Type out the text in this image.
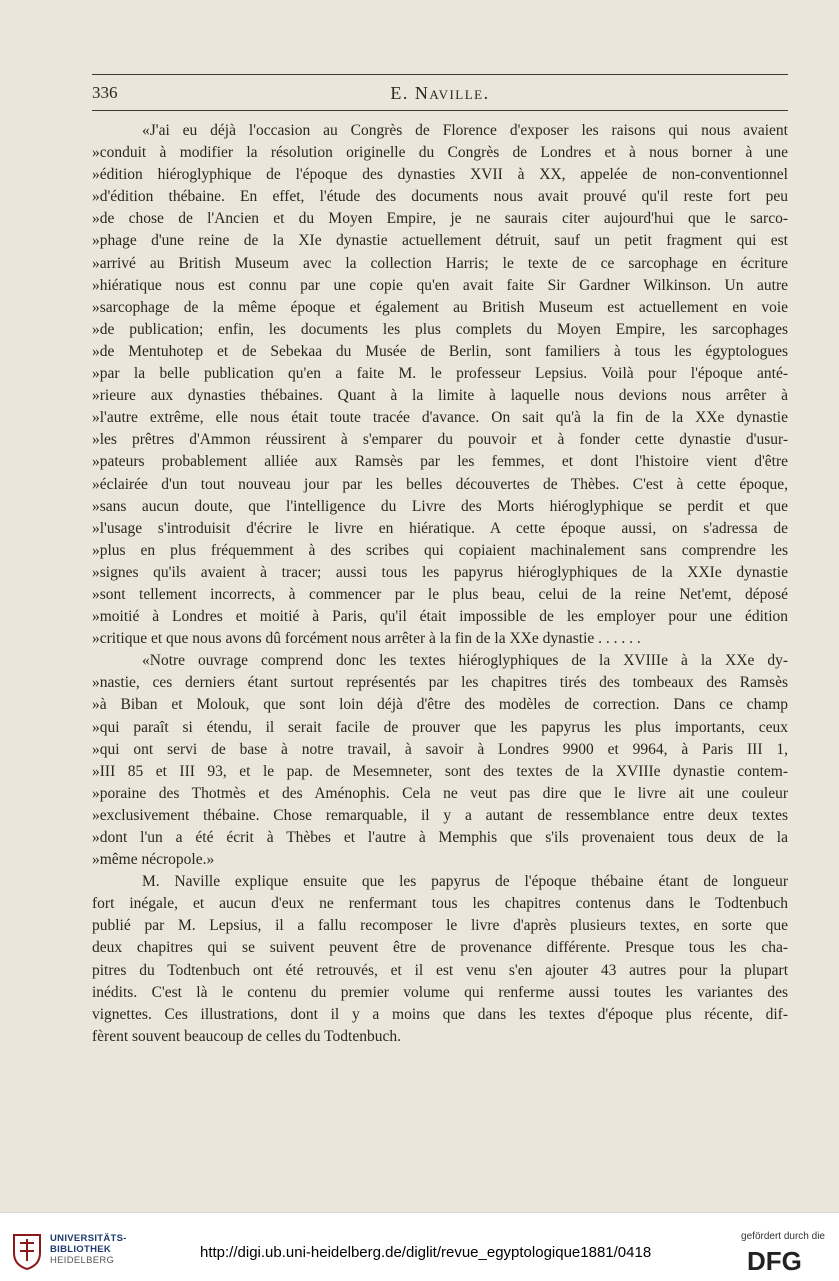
336	E. Naville.
«J'ai eu déjà l'occasion au Congrès de Florence d'exposer les raisons qui nous avaient
»conduit à modifier la résolution originelle du Congrès de Londres et à nous borner à une
»édition hiéroglyphique de l'époque des dynasties XVII à XX, appelée de non-conventionnel
»d'édition thébaine. En effet, l'étude des documents nous avait prouvé qu'il reste fort peu
»de chose de l'Ancien et du Moyen Empire, je ne saurais citer aujourd'hui que le sarco-
»phage d'une reine de la XIe dynastie actuellement détruit, sauf un petit fragment qui est
»arrivé au British Museum avec la collection Harris; le texte de ce sarcophage en écriture
»hiératique nous est connu par une copie qu'en avait faite Sir Gardner Wilkinson. Un autre
»sarcophage de la même époque et également au British Museum est actuellement en voie
»de publication; enfin, les documents les plus complets du Moyen Empire, les sarcophages
»de Mentuhotep et de Sebekaa du Musée de Berlin, sont familiers à tous les égyptologues
»par la belle publication qu'en a faite M. le professeur Lepsius. Voilà pour l'époque anté-
»rieure aux dynasties thébaines. Quant à la limite à laquelle nous devions nous arrêter à
»l'autre extrême, elle nous était toute tracée d'avance. On sait qu'à la fin de la XXe dynastie
»les prêtres d'Ammon réussirent à s'emparer du pouvoir et à fonder cette dynastie d'usur-
»pateurs probablement alliée aux Ramsès par les femmes, et dont l'histoire vient d'être
»éclairée d'un tout nouveau jour par les belles découvertes de Thèbes. C'est à cette époque,
»sans aucun doute, que l'intelligence du Livre des Morts hiéroglyphique se perdit et que
»l'usage s'introduisit d'écrire le livre en hiératique. A cette époque aussi, on s'adressa de
»plus en plus fréquemment à des scribes qui copiaient machinalement sans comprendre les
»signes qu'ils avaient à tracer; aussi tous les papyrus hiéroglyphiques de la XXIe dynastie
»sont tellement incorrects, à commencer par le plus beau, celui de la reine Net'emt, déposé
»moitié à Londres et moitié à Paris, qu'il était impossible de les employer pour une édition
»critique et que nous avons dû forcément nous arrêter à la fin de la XXe dynastie . . . . . .
«Notre ouvrage comprend donc les textes hiéroglyphiques de la XVIIIe à la XXe dy-
»nastie, ces derniers étant surtout représentés par les chapitres tirés des tombeaux des Ramsès
»à Biban et Molouk, que sont loin déjà d'être des modèles de correction. Dans ce champ
»qui paraît si étendu, il serait facile de prouver que les papyrus les plus importants, ceux
»qui ont servi de base à notre travail, à savoir à Londres 9900 et 9964, à Paris III 1,
»III 85 et III 93, et le pap. de Mesemneter, sont des textes de la XVIIIe dynastie contem-
»poraine des Thotmès et des Aménophis. Cela ne veut pas dire que le livre ait une couleur
»exclusivement thébaine. Chose remarquable, il y a autant de ressemblance entre deux textes
»dont l'un a été écrit à Thèbes et l'autre à Memphis que s'ils provenaient tous deux de la
»même nécropole.»
M. Naville explique ensuite que les papyrus de l'époque thébaine étant de longueur
fort inégale, et aucun d'eux ne renfermant tous les chapitres contenus dans le Todtenbuch
publié par M. Lepsius, il a fallu recomposer le livre d'après plusieurs textes, en sorte que
deux chapitres qui se suivent peuvent être de provenance différente. Presque tous les cha-
pitres du Todtenbuch ont été retrouvés, et il est venu s'en ajouter 43 autres pour la plupart
inédits. C'est là le contenu du premier volume qui renferme aussi toutes les variantes des
vignettes. Ces illustrations, dont il y a moins que dans les textes d'époque plus récente, dif-
fèrent souvent beaucoup de celles du Todtenbuch.
UNIVERSITÄTS-
BIBLIOTHEK
HEIDELBERG	http://digi.ub.uni-heidelberg.de/diglit/revue_egyptologique1881/0418
gefördert durch die
DFG
